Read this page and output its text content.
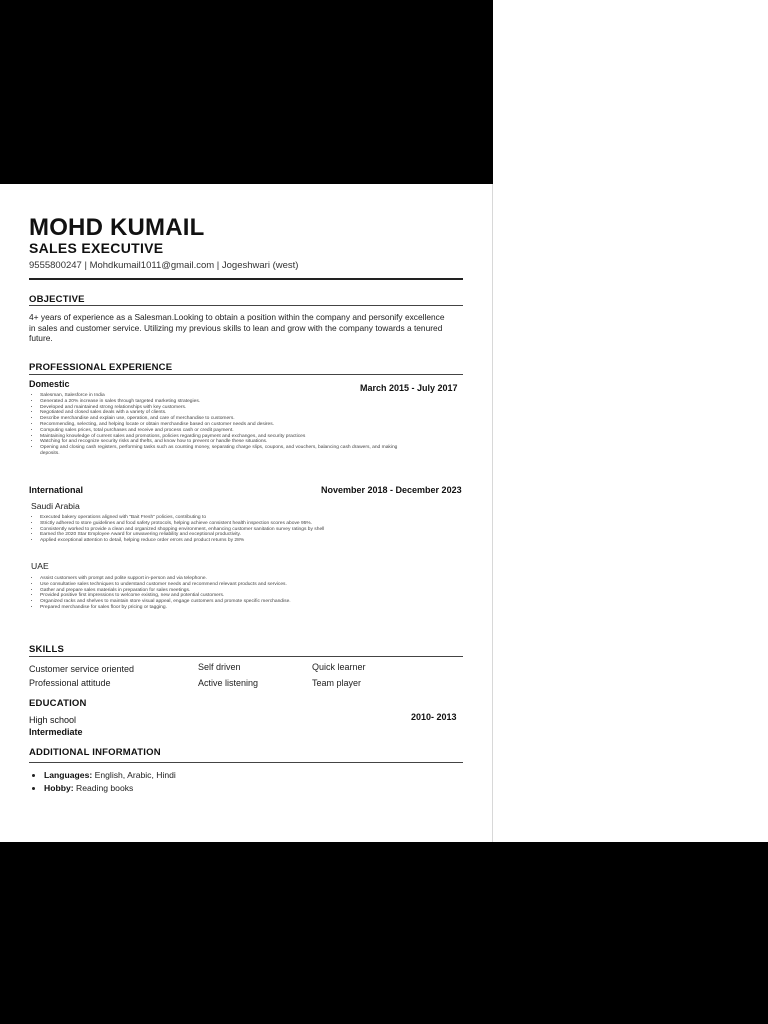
MOHD KUMAIL
SALES EXECUTIVE
9555800247 | Mohdkumail1011@gmail.com | Jogeshwari (west)
OBJECTIVE
4+ years of experience as a Salesman.Looking to obtain a position within the company and personify excellence in sales and customer service. Utilizing my previous skills to lean and grow with the company towards a tenured future.
PROFESSIONAL EXPERIENCE
Domestic	March 2015 - July 2017
• Salesman, Salesforce in India
• Generated a 20% increase in sales through targeted marketing strategies.
• Developed and maintained strong relationships with key customers.
• Negotiated and closed sales deals with a variety of clients.
• Describe merchandise and explain use, operation, and care of merchandise to customers.
• Recommending, selecting, and helping locate or obtain merchandise based on customer needs and desires.
• Computing sales prices, total purchases and receive and process cash or credit payment.
• Maintaining knowledge of current sales and promotions, policies regarding payment and exchanges, and security practices
• Watching for and recognize security risks and thefts, and know how to prevent or handle these situations.
• Opening and closing cash registers, performing tasks such as counting money, separating charge slips, coupons, and vouchers, balancing cash drawers, and making deposits.
International	November 2018 - December 2023
Saudi Arabia
• Executed bakery operations aligned with "Bait Fresh" policies, contributing to
• Strictly adhered to store guidelines and food safety protocols, helping achieve consistent health inspection scores above 95%.
• Consistently worked to provide a clean and organized shopping environment, enhancing customer sanitation survey ratings by shell
• Earned the 2020 Star Employee Award for unwavering reliability and exceptional productivity.
• Applied exceptional attention to detail, helping reduce order errors and product returns by 28%
UAE
• Assist customers with prompt and polite support in-person and via telephone.
• Use consultative sales techniques to understand customer needs and recommend relevant products and services.
• Gather and prepare sales materials in preparation for sales meetings.
• Provided positive first impressions to welcome existing, new and potential customers.
• Organized racks and shelves to maintain store visual appeal, engage customers and promote specific merchandise.
• Prepared merchandise for sales floor by pricing or tagging.
SKILLS
Customer service oriented	Self driven	Quick learner
Professional attitude	Active listening	Team player
EDUCATION
High school	2010- 2013
Intermediate
ADDITIONAL INFORMATION
• Languages: English, Arabic, Hindi
• Hobby: Reading books
